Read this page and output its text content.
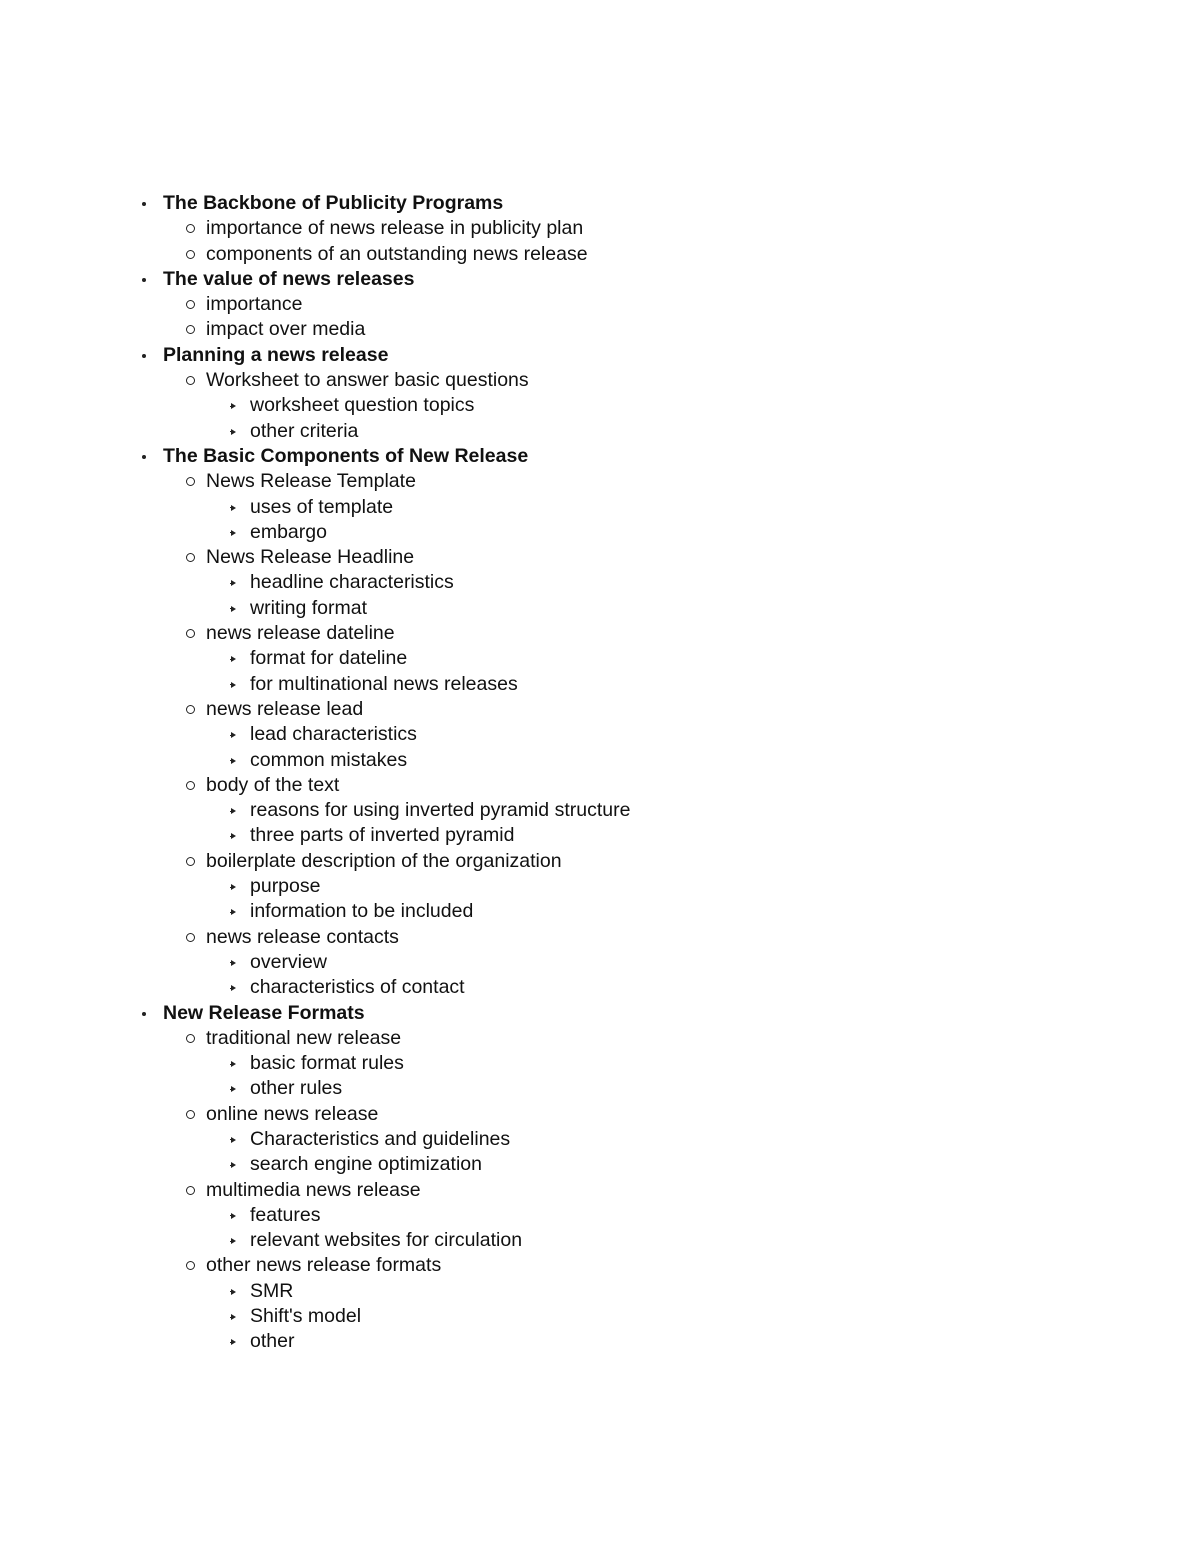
The Backbone of Publicity Programs
importance of news release in publicity plan
components of an outstanding news release
The value of news releases
importance
impact over media
Planning a news release
Worksheet to answer basic questions
worksheet question topics
other criteria
The Basic Components of New Release
News Release Template
uses of template
embargo
News Release Headline
headline characteristics
writing format
news release dateline
format for dateline
for multinational news releases
news release lead
lead characteristics
common mistakes
body of the text
reasons for using inverted pyramid structure
three parts of inverted pyramid
boilerplate description of the organization
purpose
information to be included
news release contacts
overview
characteristics of contact
New Release Formats
traditional new release
basic format rules
other rules
online news release
Characteristics and guidelines
search engine optimization
multimedia news release
features
relevant websites for circulation
other news release formats
SMR
Shift's model
other
